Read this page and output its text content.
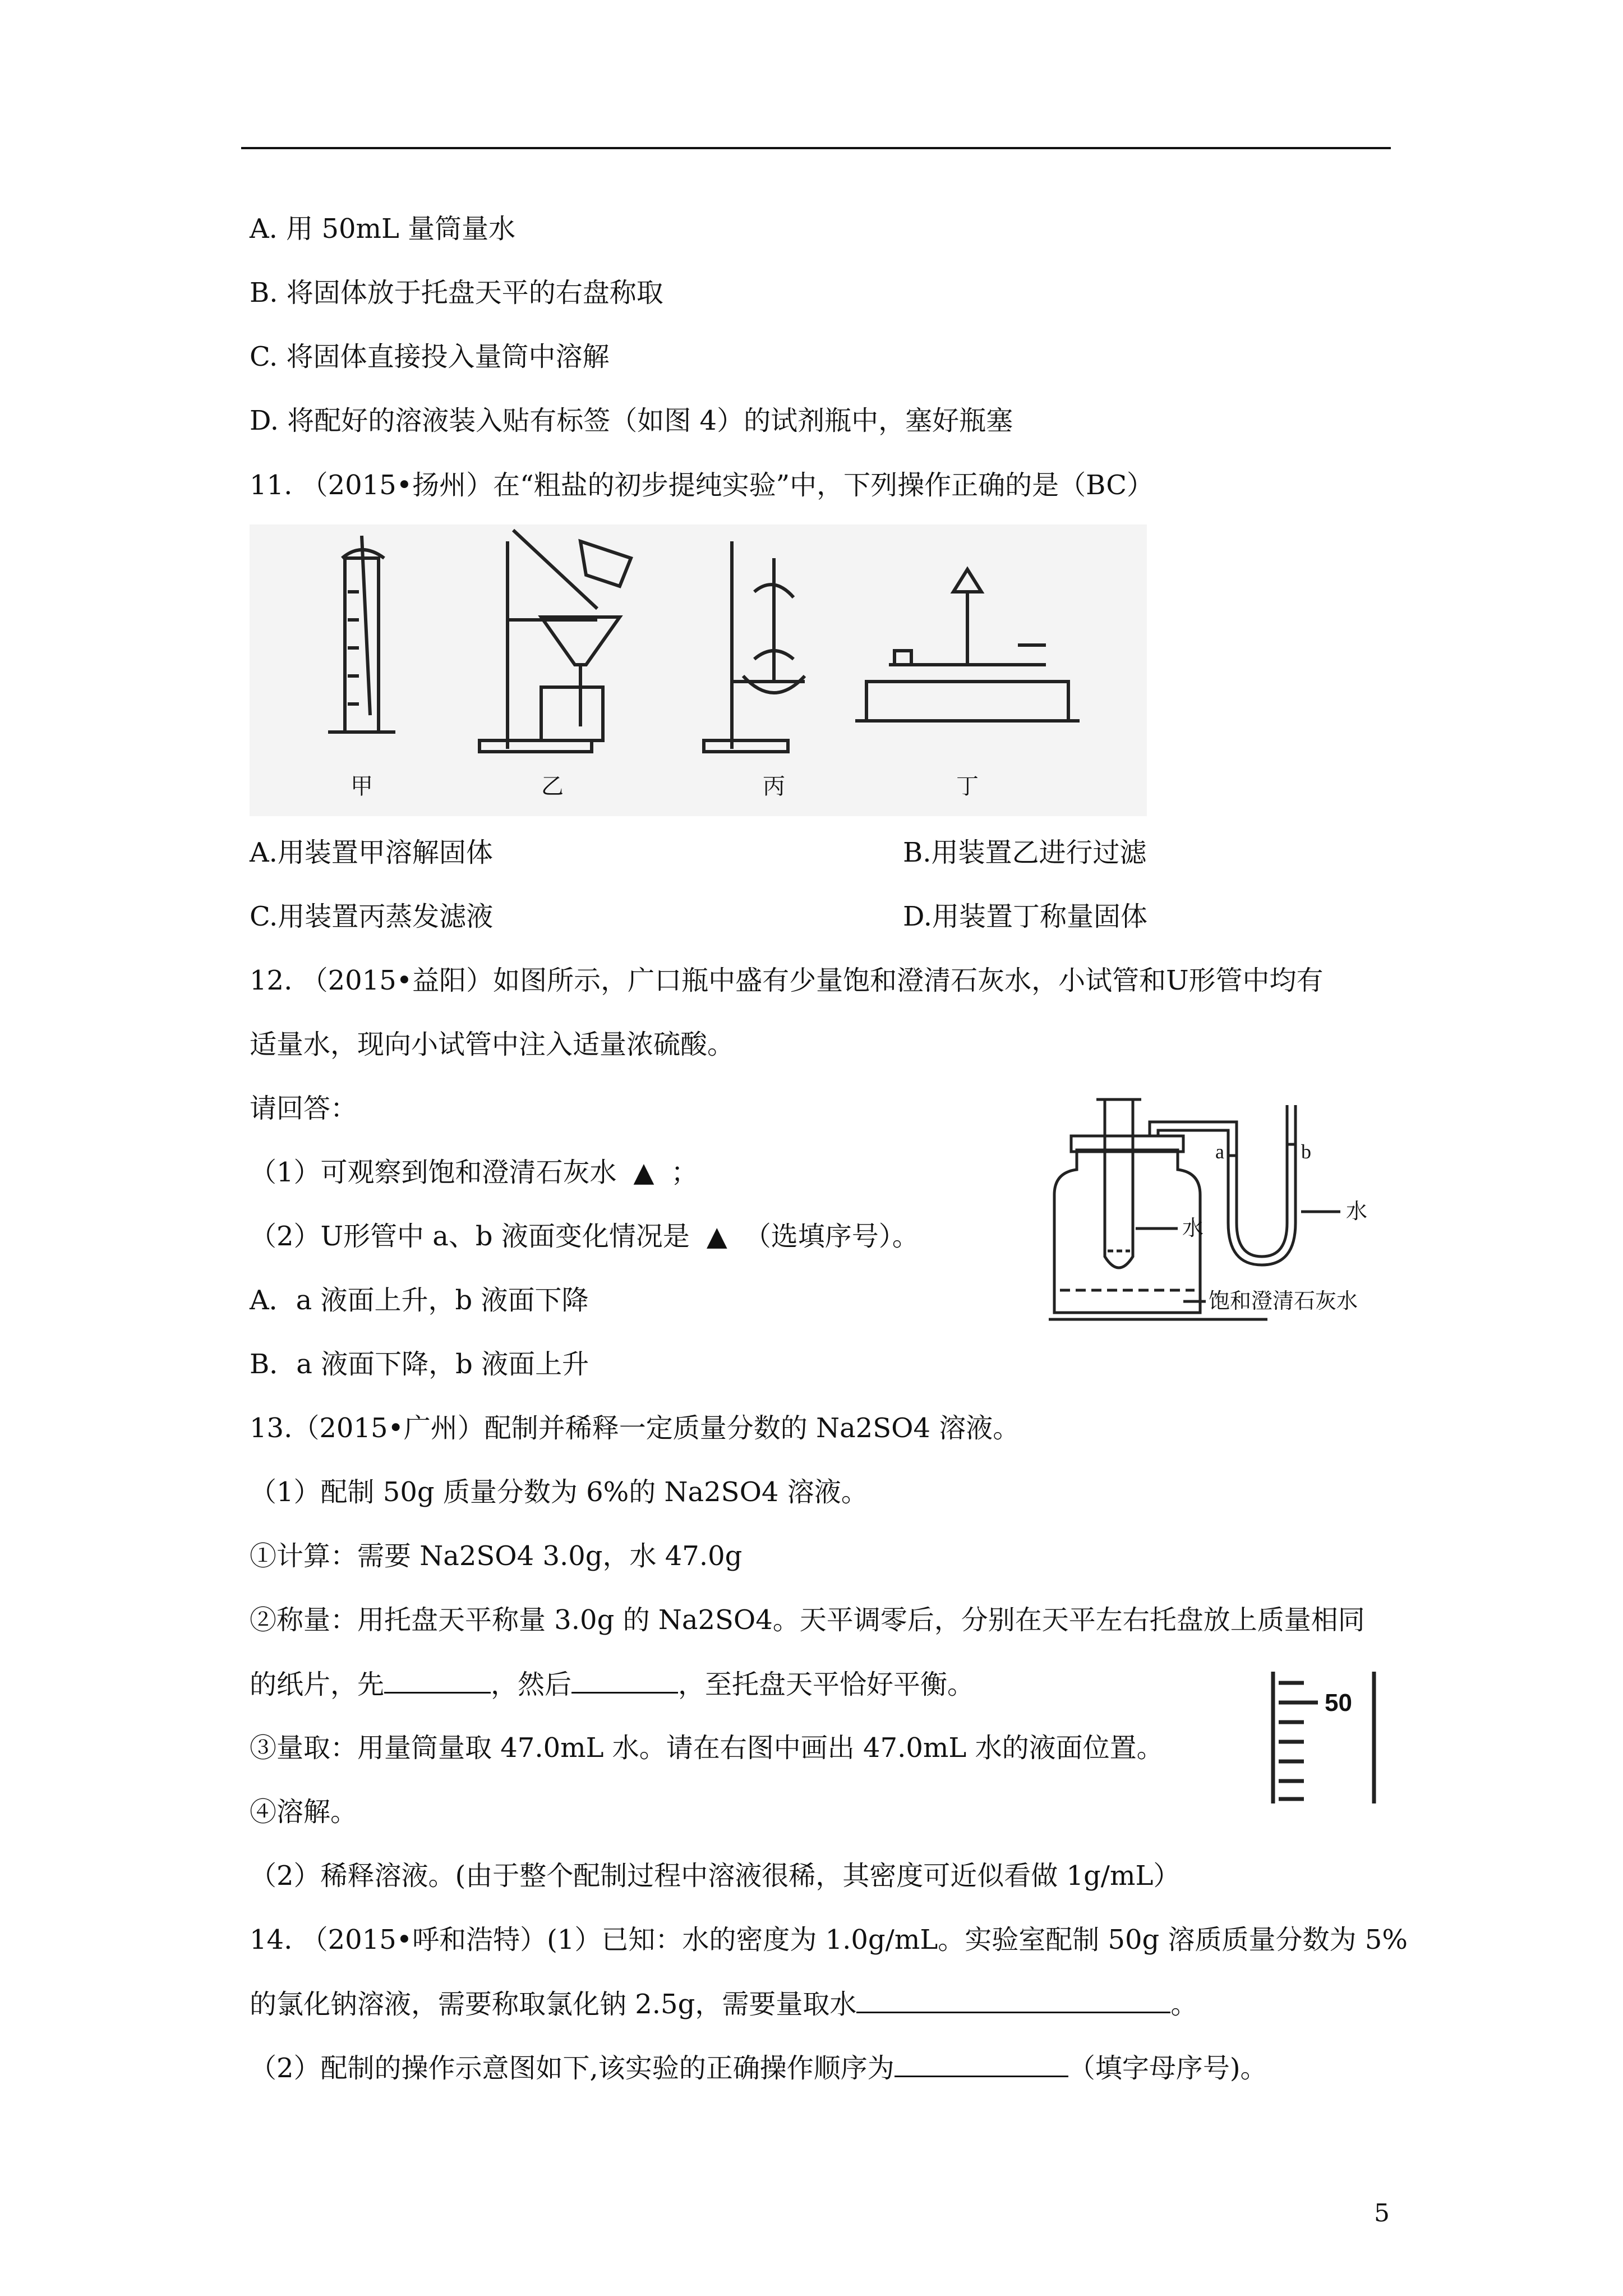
A. 用 50mL 量筒量水
B. 将固体放于托盘天平的右盘称取
C. 将固体直接投入量筒中溶解
D. 将配好的溶液装入贴有标签（如图 4）的试剂瓶中，塞好瓶塞
11. （2015•扬州）在“粗盐的初步提纯实验”中，下列操作正确的是（BC）
甲	乙	丙	丁
A.用装置甲溶解固体	B.用装置乙进行过滤
C.用装置丙蒸发滤液	D.用装置丁称量固体
12. （2015•益阳）如图所示，广口瓶中盛有少量饱和澄清石灰水，小试管和U形管中均有
适量水，现向小试管中注入适量浓硫酸。
请回答：
（1）可观察到饱和澄清石灰水 ▲ ；
（2）U形管中 a、b 液面变化情况是 ▲ （选填序号）。
A．a 液面上升，b 液面下降
B．a 液面下降，b 液面上升
a	b
水
水
饱和澄清石灰水
13.（2015•广州）配制并稀释一定质量分数的 Na2SO4 溶液。
（1）配制 50g 质量分数为 6%的 Na2SO4 溶液。
①计算：需要 Na2SO4 3.0g，水 47.0g
②称量：用托盘天平称量 3.0g 的 Na2SO4。天平调零后，分别在天平左右托盘放上质量相同
的纸片，先	，然后	，至托盘天平恰好平衡。
③量取：用量筒量取 47.0mL 水。请在右图中画出 47.0mL 水的液面位置。
④溶解。
（2）稀释溶液。(由于整个配制过程中溶液很稀，其密度可近似看做 1g/mL）
50
14. （2015•呼和浩特）(1）已知：水的密度为 1.0g/mL。实验室配制 50g 溶质质量分数为 5%
的氯化钠溶液，需要称取氯化钠 2.5g，需要量取水	。
（2）配制的操作示意图如下,该实验的正确操作顺序为	（填字母序号)。
5
